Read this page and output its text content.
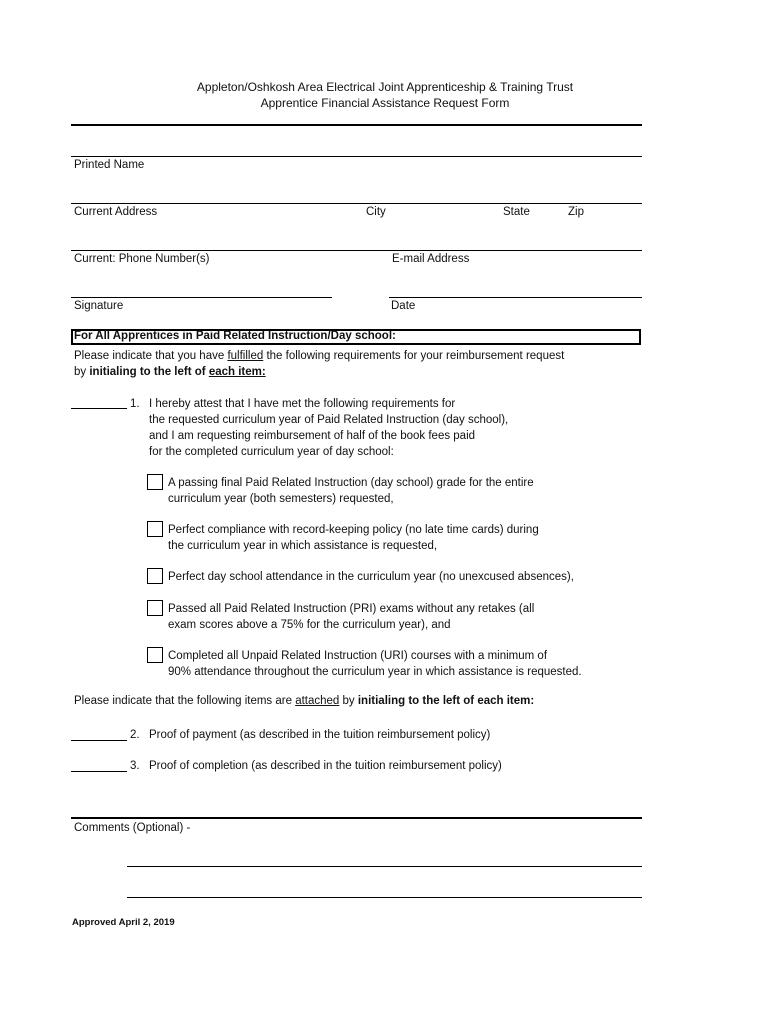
Appleton/Oshkosh Area Electrical Joint Apprenticeship & Training Trust
Apprentice Financial Assistance Request Form
Printed Name
Current Address	City	State	Zip
Current: Phone Number(s)	E-mail Address
Signature	Date
For All Apprentices in Paid Related Instruction/Day school:
Please indicate that you have fulfilled the following requirements for your reimbursement request
by initialing to the left of each item:
1. I hereby attest that I have met the following requirements for
the requested curriculum year of Paid Related Instruction (day school),
and I am requesting reimbursement of half of the book fees paid
for the completed curriculum year of day school:
A passing final Paid Related Instruction (day school) grade for the entire
curriculum year (both semesters) requested,
Perfect compliance with record-keeping policy (no late time cards) during
the curriculum year in which assistance is requested,
Perfect day school attendance in the curriculum year (no unexcused absences),
Passed all Paid Related Instruction (PRI) exams without any retakes (all
exam scores above a 75% for the curriculum year), and
Completed all Unpaid Related Instruction (URI) courses with a minimum of
90% attendance throughout the curriculum year in which assistance is requested.
Please indicate that the following items are attached by initialing to the left of each item:
2. Proof of payment (as described in the tuition reimbursement policy)
3. Proof of completion (as described in the tuition reimbursement policy)
Comments (Optional) -
Approved April 2, 2019
